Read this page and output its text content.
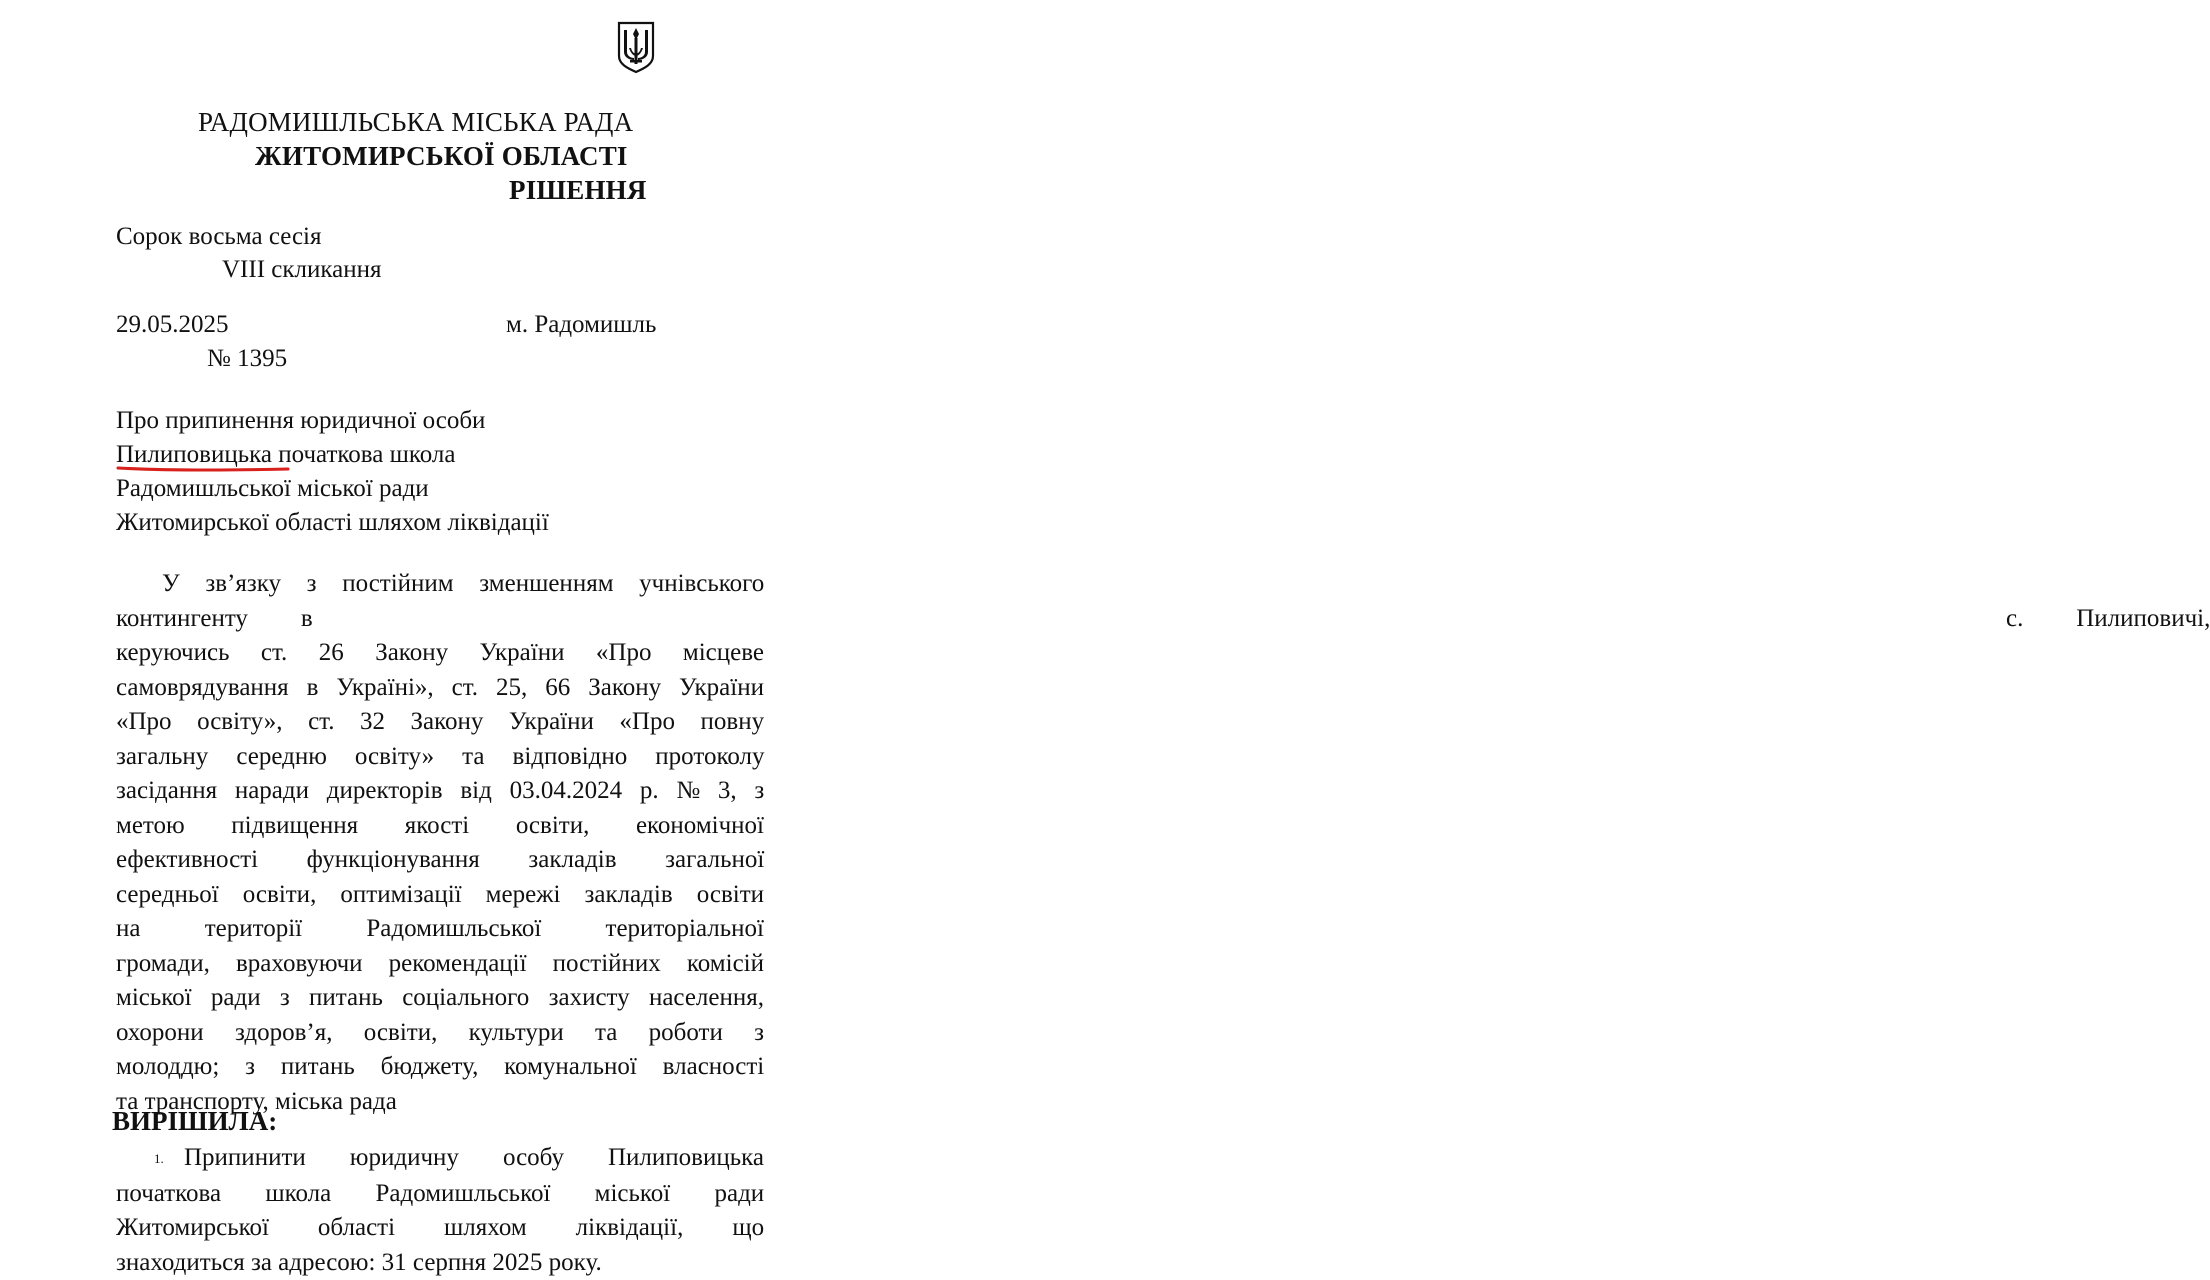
РАДОМИШЛЬСЬКА МІСЬКА РАДА
ЖИТОМИРСЬКОЇ ОБЛАСТІ
РІШЕННЯ
Сорок восьма сесія
VIII скликання
29.05.2025	м. Радомишль
№ 1395
Про припинення юридичної особи
Пилиповицька початкова школа
Радомишльської міської ради
Житомирської області шляхом ліквідації
У зв’язку з постійним зменшенням учнівського
контингенту в                                с. Пилиповичі,
керуючись ст. 26 Закону України «Про місцеве
самоврядування в Україні», ст. 25, 66 Закону України
«Про освіту», ст. 32 Закону України «Про повну
загальну середню освіту» та відповідно протоколу
засідання наради директорів від 03.04.2024 р. № 3, з
метою підвищення якості освіти, економічної
ефективності функціонування закладів загальної
середньої освіти, оптимізації мережі закладів освіти
на території Радомишльської територіальної
громади, враховуючи рекомендації постійних комісій
міської ради з питань соціального захисту населення,
охорони здоров’я, освіти, культури та роботи з
молоддю; з питань бюджету, комунальної власності
та транспорту, міська рада
ВИРІШИЛА:
1. Припинити юридичну особу Пилиповицька
початкова школа Радомишльської міської ради
Житомирської області шляхом ліквідації, що
знаходиться за адресою: 31 серпня 2025 року.
